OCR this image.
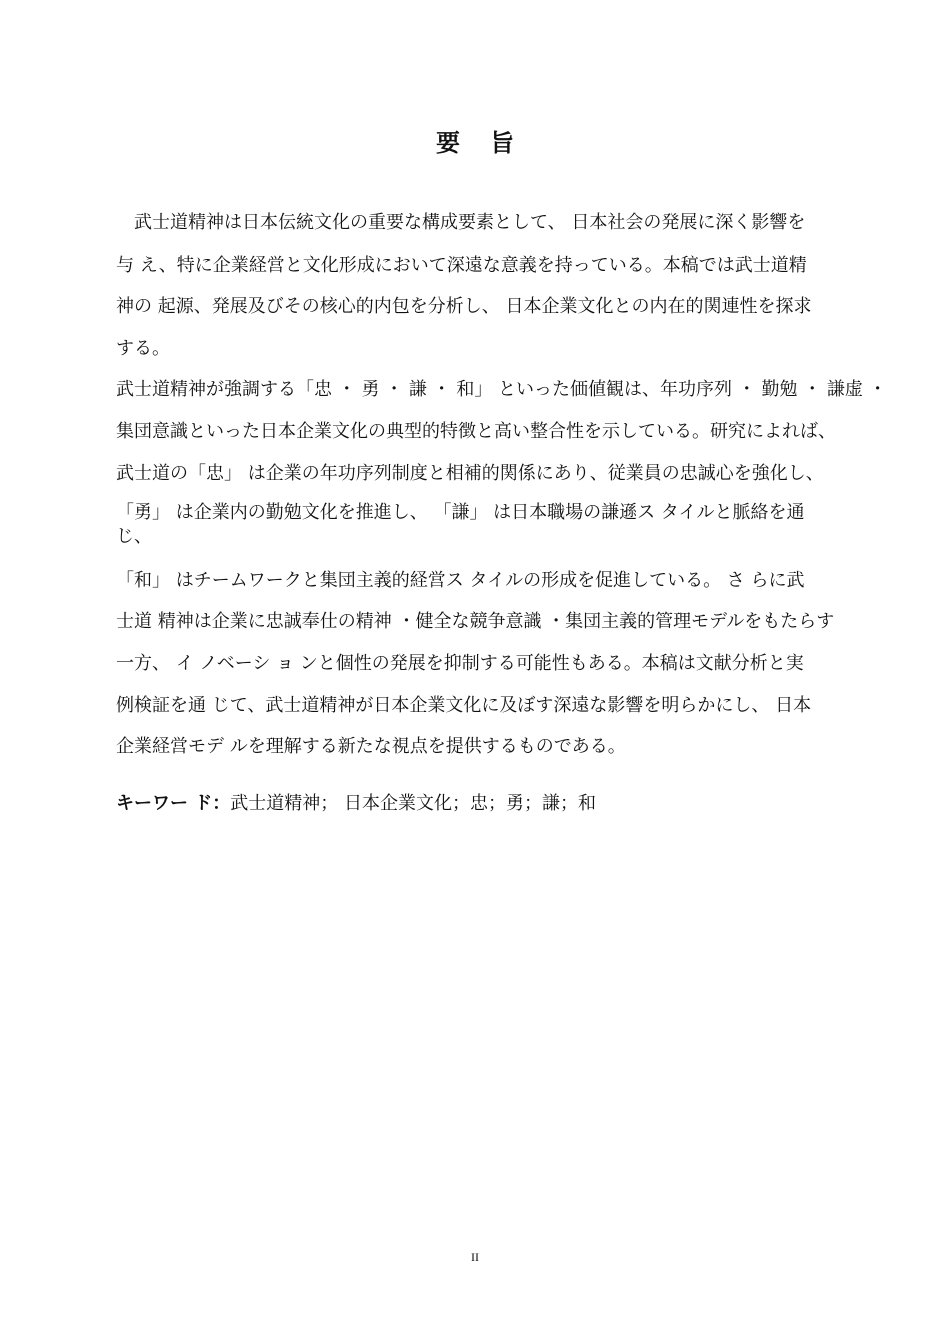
要旨
　武士道精神は日本伝統文化の重要な構成要素として、 日本社会の発展に深く影響を
与 え、特に企業経営と文化形成において深遠な意義を持っている。本稿では武士道精
神の 起源、発展及びその核心的内包を分析し、 日本企業文化との内在的関連性を探求
する。
武士道精神が強調する「忠 ・ 勇 ・ 謙 ・ 和」 といった価値観は、年功序列 ・ 勤勉 ・ 謙虚 ・
集団意識といった日本企業文化の典型的特徴と高い整合性を示している。研究によれば、
武士道の「忠」 は企業の年功序列制度と相補的関係にあり、従業員の忠誠心を強化し、
「勇」 は企業内の勤勉文化を推進し、 「謙」 は日本職場の謙遜ス タイルと脈絡を通
じ、
「和」 はチームワークと集団主義的経営ス タイルの形成を促進している。 さ らに武
士道 精神は企業に忠誠奉仕の精神 ・健全な競争意識 ・集団主義的管理モデルをもたらす
一方、 イ ノベーシ ョ ンと個性の発展を抑制する可能性もある。本稿は文献分析と実
例検証を通 じて、武士道精神が日本企業文化に及ぼす深遠な影響を明らかにし、 日本
企業経営モデ ルを理解する新たな視点を提供するものである。
キーワー ド：武士道精神； 日本企業文化；忠；勇；謙；和
II
